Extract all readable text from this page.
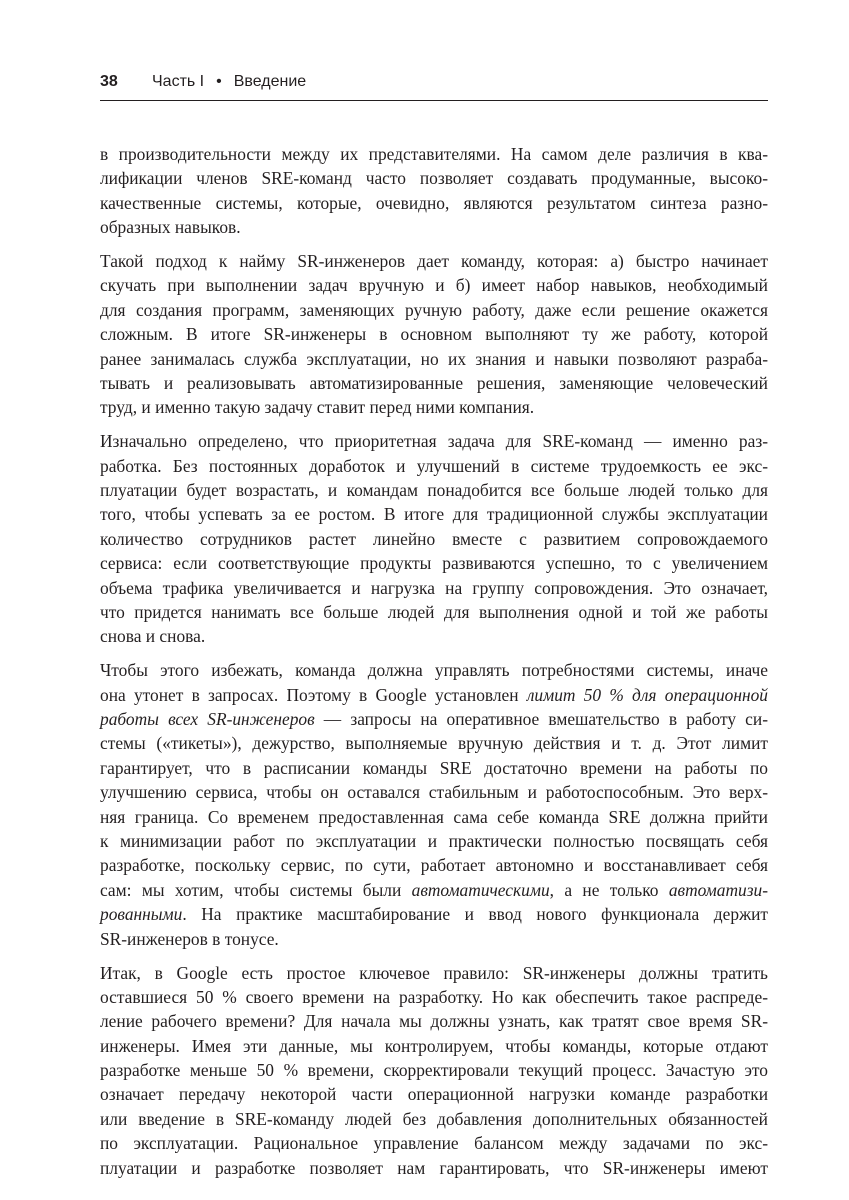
38	Часть I • Введение
в производительности между их представителями. На самом деле различия в ква-
лификации членов SRE-команд часто позволяет создавать продуманные, высоко-
качественные системы, которые, очевидно, являются результатом синтеза разно-
образных навыков.
Такой подход к найму SR-инженеров дает команду, которая: а) быстро начинает
скучать при выполнении задач вручную и б) имеет набор навыков, необходимый
для создания программ, заменяющих ручную работу, даже если решение окажется
сложным. В итоге SR-инженеры в основном выполняют ту же работу, которой
ранее занималась служба эксплуатации, но их знания и навыки позволяют разраба-
тывать и реализовывать автоматизированные решения, заменяющие человеческий
труд, и именно такую задачу ставит перед ними компания.
Изначально определено, что приоритетная задача для SRE-команд — именно раз-
работка. Без постоянных доработок и улучшений в системе трудоемкость ее экс-
плуатации будет возрастать, и командам понадобится все больше людей только для
того, чтобы успевать за ее ростом. В итоге для традиционной службы эксплуатации
количество сотрудников растет линейно вместе с развитием сопровождаемого
сервиса: если соответствующие продукты развиваются успешно, то с увеличением
объема трафика увеличивается и нагрузка на группу сопровождения. Это означает,
что придется нанимать все больше людей для выполнения одной и той же работы
снова и снова.
Чтобы этого избежать, команда должна управлять потребностями системы, иначе
она утонет в запросах. Поэтому в Google установлен лимит 50 % для операционной
работы всех SR-инженеров — запросы на оперативное вмешательство в работу си-
стемы («тикеты»), дежурство, выполняемые вручную действия и т. д. Этот лимит
гарантирует, что в расписании команды SRE достаточно времени на работы по
улучшению сервиса, чтобы он оставался стабильным и работоспособным. Это верх-
няя граница. Со временем предоставленная сама себе команда SRE должна прийти
к минимизации работ по эксплуатации и практически полностью посвящать себя
разработке, поскольку сервис, по сути, работает автономно и восстанавливает себя
сам: мы хотим, чтобы системы были автоматическими, а не только автоматизи-
рованными. На практике масштабирование и ввод нового функционала держит
SR-инженеров в тонусе.
Итак, в Google есть простое ключевое правило: SR-инженеры должны тратить
оставшиеся 50 % своего времени на разработку. Но как обеспечить такое распреде-
ление рабочего времени? Для начала мы должны узнать, как тратят свое время SR-
инженеры. Имея эти данные, мы контролируем, чтобы команды, которые отдают
разработке меньше 50 % времени, скорректировали текущий процесс. Зачастую это
означает передачу некоторой части операционной нагрузки команде разработки
или введение в SRE-команду людей без добавления дополнительных обязанностей
по эксплуатации. Рациональное управление балансом между задачами по экс-
плуатации и разработке позволяет нам гарантировать, что SR-инженеры имеют
